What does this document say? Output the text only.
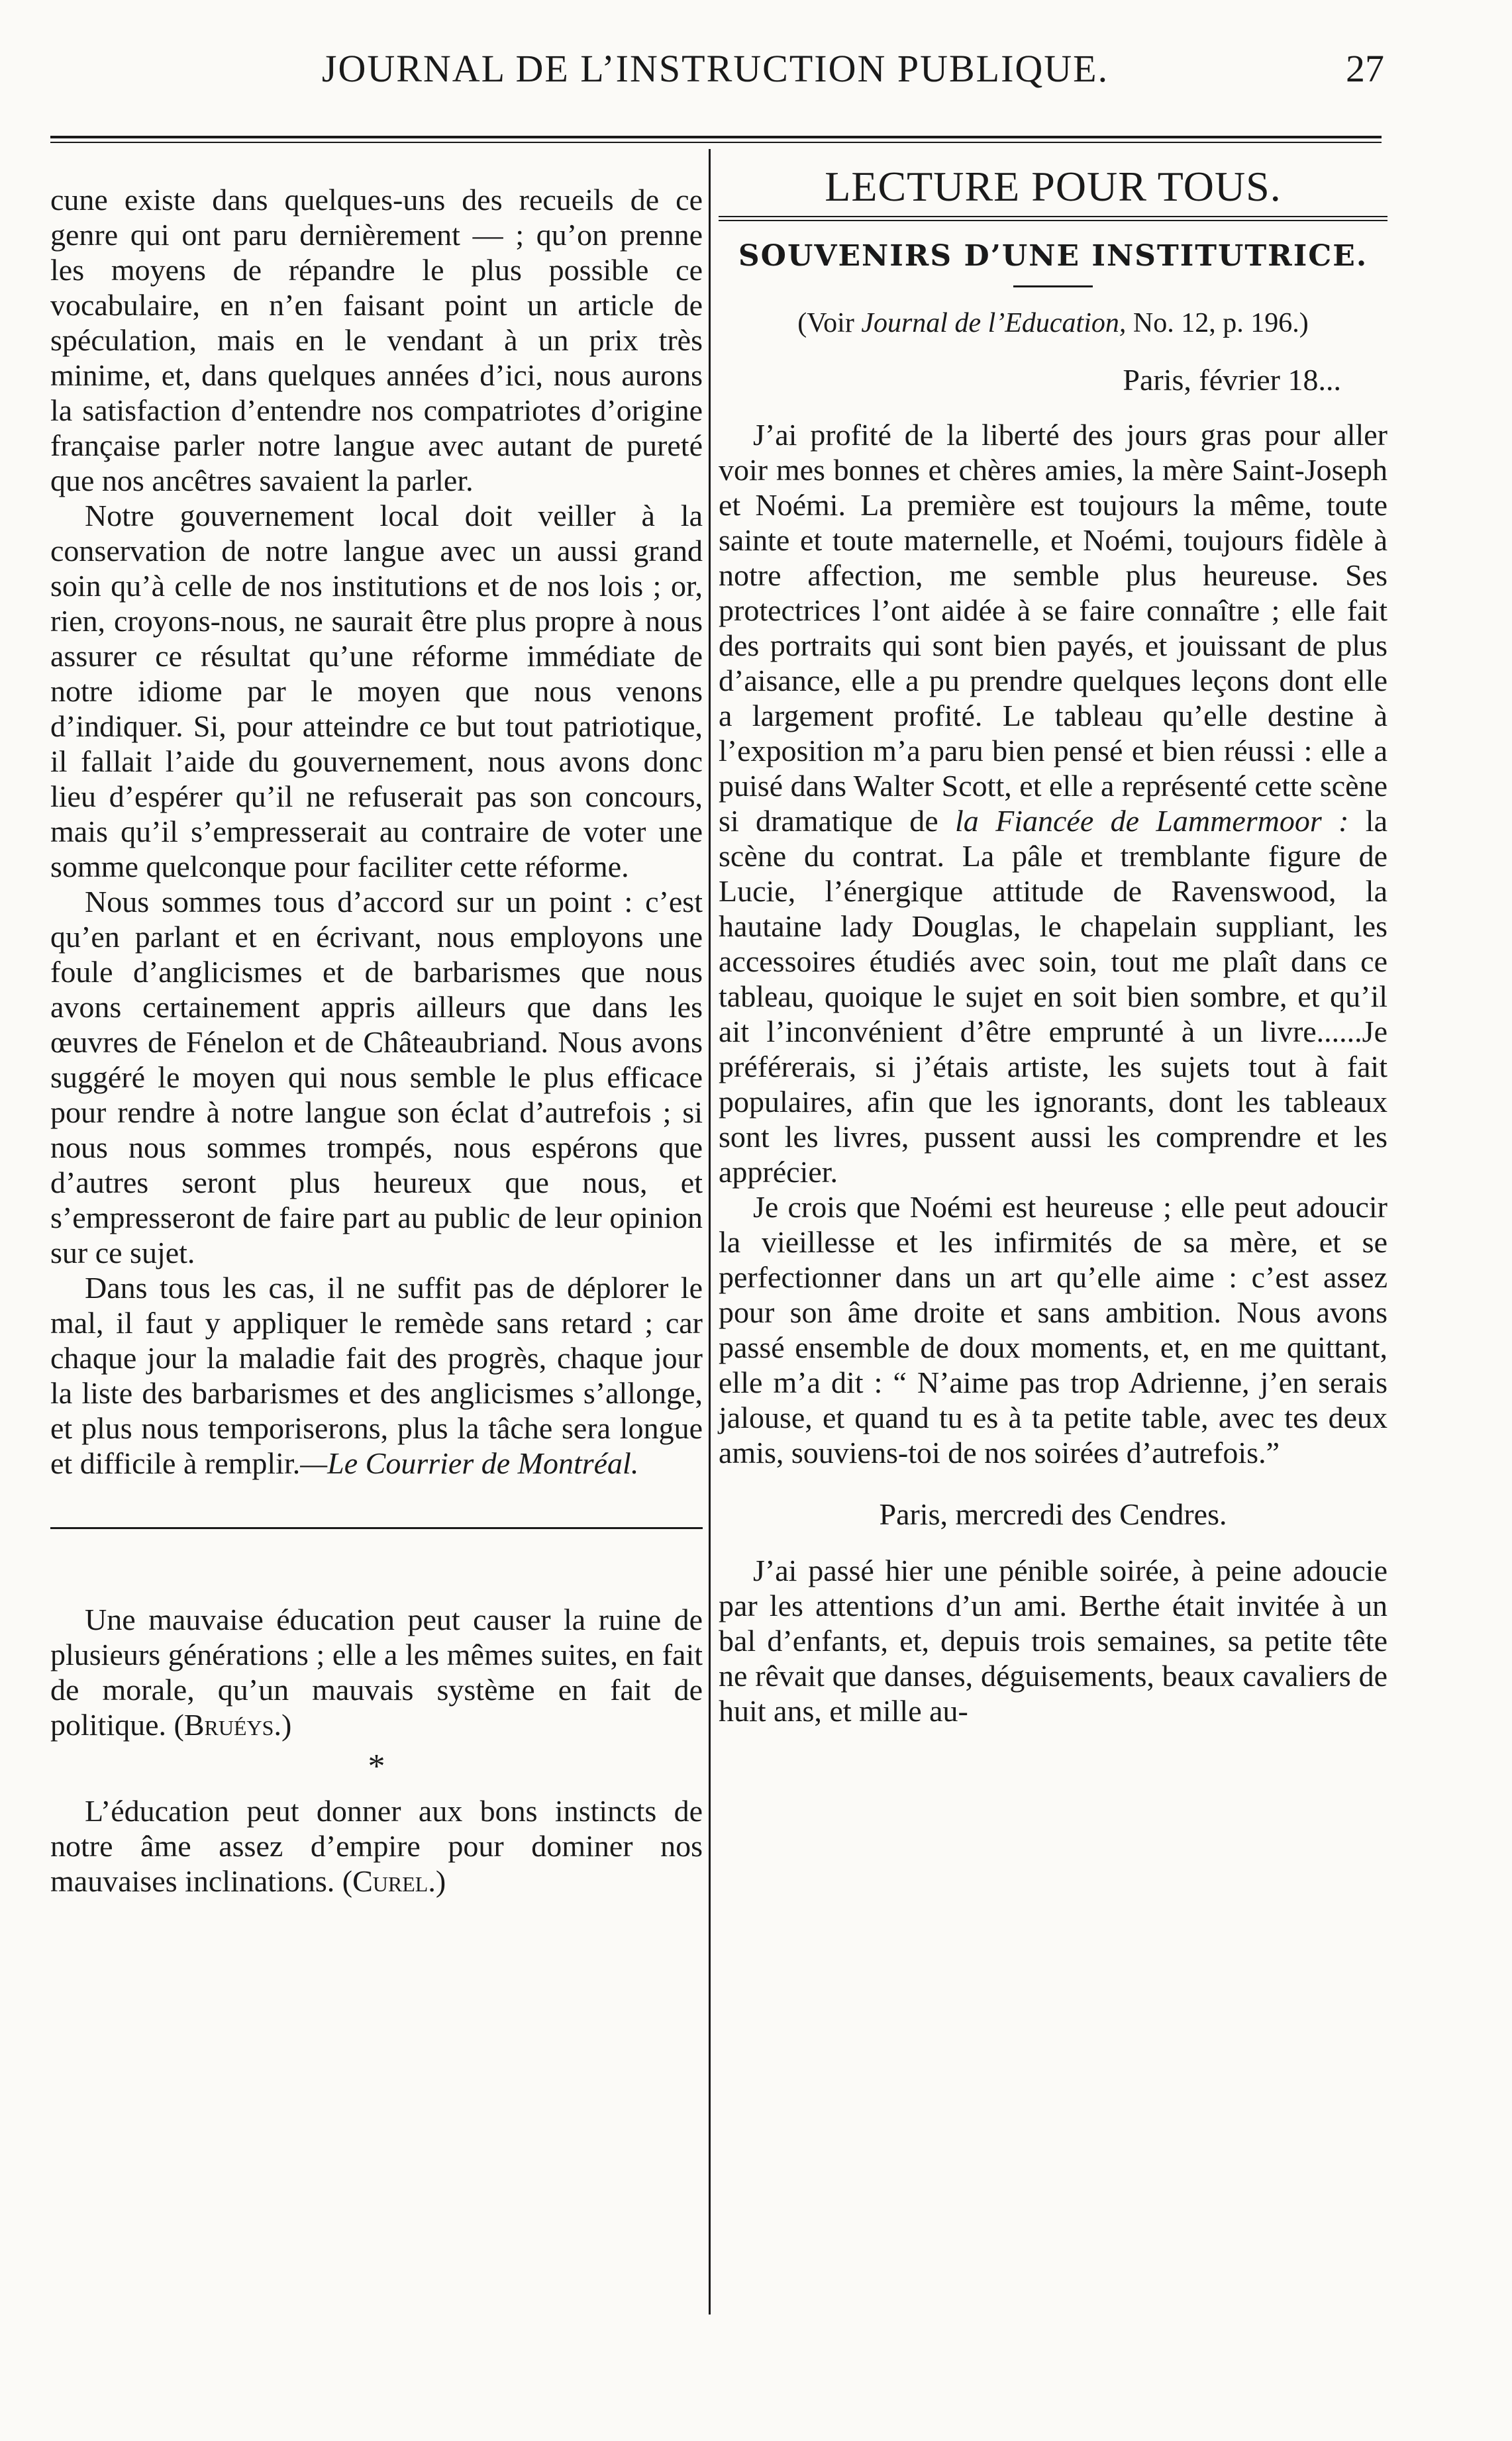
JOURNAL DE L’INSTRUCTION PUBLIQUE.	27

cune existe dans quelques-uns des recueils de ce genre qui ont paru dernièrement — ; qu’on prenne les moyens de répandre le plus possible ce vocabulaire, en n’en faisant point un article de spéculation, mais en le vendant à un prix très minime, et, dans quelques années d’ici, nous aurons la satisfaction d’entendre nos compatriotes d’origine française parler notre langue avec autant de pureté que nos ancêtres savaient la parler.

Notre gouvernement local doit veiller à la conservation de notre langue avec un aussi grand soin qu’à celle de nos institutions et de nos lois ; or, rien, croyons-nous, ne saurait être plus propre à nous assurer ce résultat qu’une réforme immédiate de notre idiome par le moyen que nous venons d’indiquer. Si, pour atteindre ce but tout patriotique, il fallait l’aide du gouvernement, nous avons donc lieu d’espérer qu’il ne refuserait pas son concours, mais qu’il s’empresserait au contraire de voter une somme quelconque pour faciliter cette réforme.

Nous sommes tous d’accord sur un point : c’est qu’en parlant et en écrivant, nous employons une foule d’anglicismes et de barbarismes que nous avons certainement appris ailleurs que dans les œuvres de Fénelon et de Châteaubriand. Nous avons suggéré le moyen qui nous semble le plus efficace pour rendre à notre langue son éclat d’autrefois ; si nous nous sommes trompés, nous espérons que d’autres seront plus heureux que nous, et s’empresseront de faire part au public de leur opinion sur ce sujet.

Dans tous les cas, il ne suffit pas de déplorer le mal, il faut y appliquer le remède sans retard ; car chaque jour la maladie fait des progrès, chaque jour la liste des barbarismes et des anglicismes s’allonge, et plus nous temporiserons, plus la tâche sera longue et difficile à remplir.—Le Courrier de Montréal.

Une mauvaise éducation peut causer la ruine de plusieurs générations ; elle a les mêmes suites, en fait de morale, qu’un mauvais système en fait de politique. (Bruéys.)

*

L’éducation peut donner aux bons instincts de notre âme assez d’empire pour dominer nos mauvaises inclinations. (Curel.)

LECTURE POUR TOUS.
SOUVENIRS D’UNE INSTITUTRICE.
(Voir Journal de l’Education, No. 12, p. 196.)
Paris, février 18...

J’ai profité de la liberté des jours gras pour aller voir mes bonnes et chères amies, la mère Saint-Joseph et Noémi. La première est toujours la même, toute sainte et toute maternelle, et Noémi, toujours fidèle à notre affection, me semble plus heureuse. Ses protectrices l’ont aidée à se faire connaître ; elle fait des portraits qui sont bien payés, et jouissant de plus d’aisance, elle a pu prendre quelques leçons dont elle a largement profité. Le tableau qu’elle destine à l’exposition m’a paru bien pensé et bien réussi : elle a puisé dans Walter Scott, et elle a représenté cette scène si dramatique de la Fiancée de Lammermoor : la scène du contrat. La pâle et tremblante figure de Lucie, l’énergique attitude de Ravenswood, la hautaine lady Douglas, le chapelain suppliant, les accessoires étudiés avec soin, tout me plaît dans ce tableau, quoique le sujet en soit bien sombre, et qu’il ait l’inconvénient d’être emprunté à un livre......Je préférerais, si j’étais artiste, les sujets tout à fait populaires, afin que les ignorants, dont les tableaux sont les livres, pussent aussi les comprendre et les apprécier.

Je crois que Noémi est heureuse ; elle peut adoucir la vieillesse et les infirmités de sa mère, et se perfectionner dans un art qu’elle aime : c’est assez pour son âme droite et sans ambition. Nous avons passé ensemble de doux moments, et, en me quittant, elle m’a dit : “ N’aime pas trop Adrienne, j’en serais jalouse, et quand tu es à ta petite table, avec tes deux amis, souviens-toi de nos soirées d’autrefois.”

Paris, mercredi des Cendres.

J’ai passé hier une pénible soirée, à peine adoucie par les attentions d’un ami. Berthe était invitée à un bal d’enfants, et, depuis trois semaines, sa petite tête ne rêvait que danses, déguisements, beaux cavaliers de huit ans, et mille au-
